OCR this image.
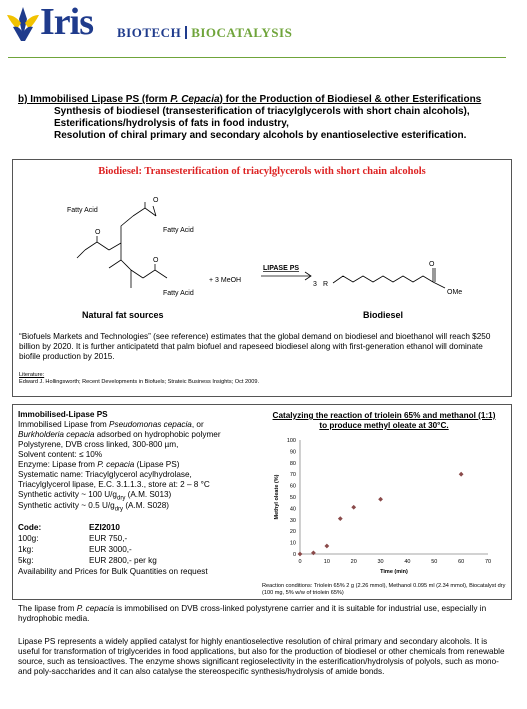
Iris BIOTECH BIOCATALYSIS
b) Immobilised Lipase PS (form P. Cepacia) for the Production of Biodiesel & other Esterifications
Synthesis of biodiesel (transesterification of triacylglycerols with short chain alcohols),
Esterifications/hydrolysis of fats in food industry,
Resolution of chiral primary and secondary alcohols by enantioselective esterification.
Biodiesel: Transesterification of triacylglycerols with short chain alcohols
O
O
O
O
Fatty Acid
Fatty Acid
Fatty Acid
+ 3 MeOH
LIPASE PS
3 R
OMe
Natural fat sources	Biodiesel
“Biofuels Markets and Technologies” (see reference) estimates that the global demand on biodiesel and bioethanol will reach $250 billion by 2020. It is further anticipatetd that palm biofuel and rapeseed biodiesel along with first-generation ethanol will dominate biofile production by 2015.
Literature:
Edward J. Hollingsworth; Recent Developments in Biofuels; Strateic Business Insights; Oct 2009.
Immobilised-Lipase PS
Immobilised Lipase from Pseudomonas cepacia, or
Burkholderia cepacia adsorbed on hydrophobic polymer
Polystyrene, DVB cross linked, 300-800 µm,
Solvent content: ≤ 10%
Enzyme: Lipase from P. cepacia (Lipase PS)
Systematic name: Triacylglycerol acylhydrolase,
Triacylglycerol lipase, E.C. 3.1.1.3., store at: 2 – 8 °C
Synthetic activity ~ 100 $U/g_{dry}$ (A.M. S013)
Synthetic activity ~ 0.5 $U/g_{dry}$ (A.M. S028)
Code:	EZI2010
100g:	EUR 750,-
1kg:	EUR 3000,-
5kg:	EUR 2800,- per kg
Availability and Prices for Bulk Quantities on request
Catalyzing the reaction of triolein 65% and methanol (1:1)
to produce methyl oleate at 30°C.
0
10
20
30
40
50
60
70
80
90
100
0	10	20	30	40	50	60	70
Time (min)
Methyl oleate (%)
Reaction conditions: Triolein 65% 2 g (2.26 mmol), Methanol 0.095 ml (2.34 mmol), Biocatalyst dry (100 mg, 5% w/w of triolein 65%)
The lipase from P. cepacia is immobilised on DVB cross-linked polystyrene carrier and it is suitable for industrial use, especially in hydrophobic media.
Lipase PS represents a widely applied catalyst for highly enantioselective resolution of chiral primary and secondary alcohols. It is useful for transformation of triglycerides in food applications, but also for the production of biodiesel or other chemicals from renewable source, such as tensioactives. The enzyme shows significant regioselectivity in the esterification/hydrolysis of polyols, such as mono- and poly-saccharides and it can also catalyse the stereospecific synthesis/hydrolysis of amide bonds.
